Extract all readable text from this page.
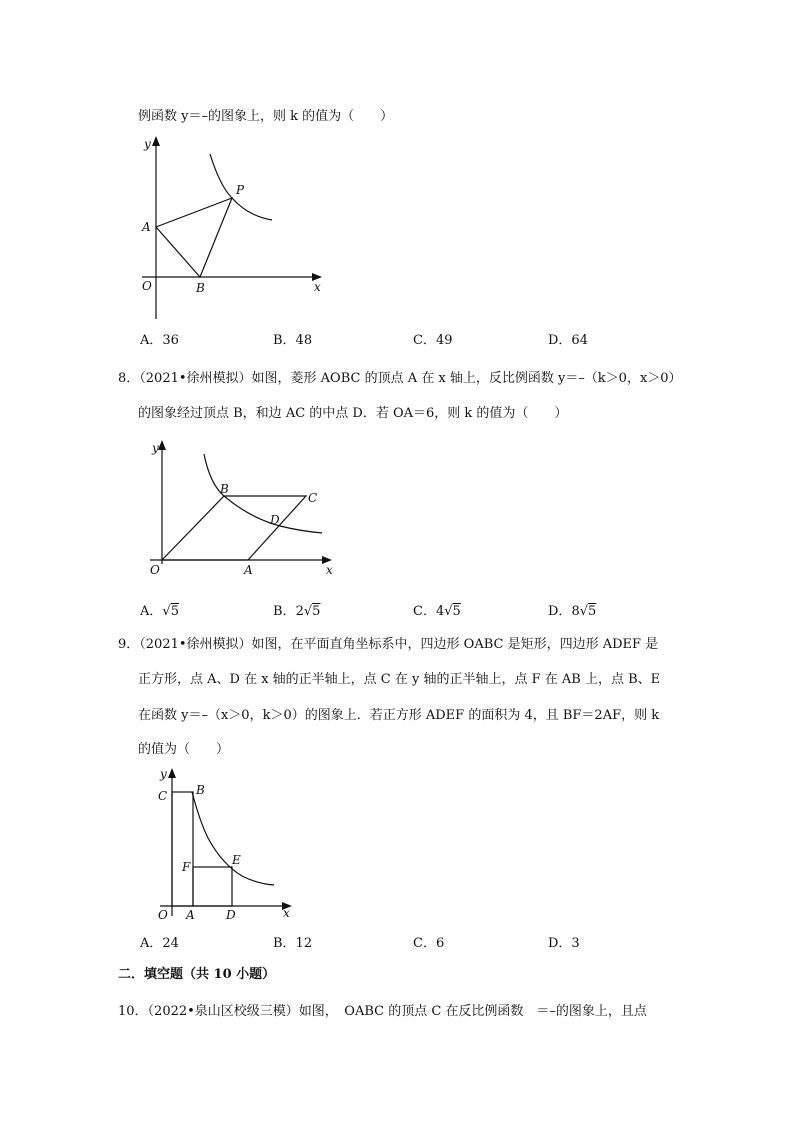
例函数 y＝–的图象上，则 k 的值为（　　）
y
x
O
A
B
P
A．36	B．48	C．49	D．64
8．（2021•徐州模拟）如图，菱形 AOBC 的顶点 A 在 x 轴上，反比例函数 y＝–（k＞0，x＞0）
的图象经过顶点 B，和边 AC 的中点 D．若 OA＝6，则 k 的值为（　　）
y
x
O	A
B
C
D
A．√5	B．2√5	C．4√5	D．8√5
9．（2021•徐州模拟）如图，在平面直角坐标系中，四边形 OABC 是矩形，四边形 ADEF 是
正方形，点 A、D 在 x 轴的正半轴上，点 C 在 y 轴的正半轴上，点 F 在 AB 上，点 B、E
在函数 y＝–（x＞0，k＞0）的图象上．若正方形 ADEF 的面积为 4，且 BF＝2AF，则 k
的值为（　　）
y
x
O A	D
C B
F	E
A．24	B．12	C．6	D．3
二．填空题（共 10 小题）
10．（2022•泉山区校级三模）如图，　OABC 的顶点 C 在反比例函数　＝–的图象上，且点
